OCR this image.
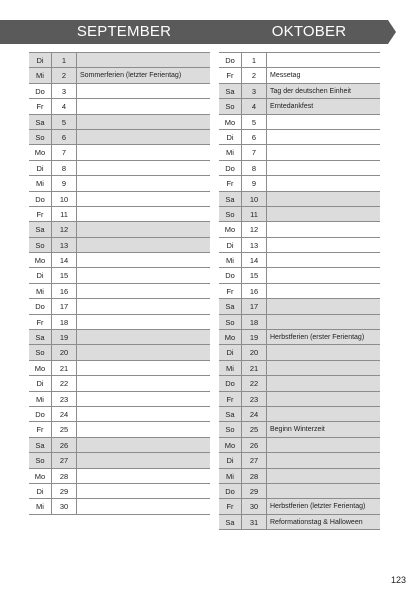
SEPTEMBER	OKTOBER
Di	1
Mi	2	Sommerferien (letzter Ferientag)
Do	3
Fr	4
Sa	5
So	6
Mo	7
Di	8
Mi	9
Do	10
Fr	11
Sa	12
So	13
Mo	14
Di	15
Mi	16
Do	17
Fr	18
Sa	19
So	20
Mo	21
Di	22
Mi	23
Do	24
Fr	25
Sa	26
So	27
Mo	28
Di	29
Mi	30
Do	1
Fr	2	Messetag
Sa	3	Tag der deutschen Einheit
So	4	Erntedankfest
Mo	5
Di	6
Mi	7
Do	8
Fr	9
Sa	10
So	11
Mo	12
Di	13
Mi	14
Do	15
Fr	16
Sa	17
So	18
Mo	19	Herbstferien (erster Ferientag)
Di	20
Mi	21
Do	22
Fr	23
Sa	24
So	25	Beginn Winterzeit
Mo	26
Di	27
Mi	28
Do	29
Fr	30	Herbstferien (letzter Ferientag)
Sa	31	Reformationstag & Halloween
123
